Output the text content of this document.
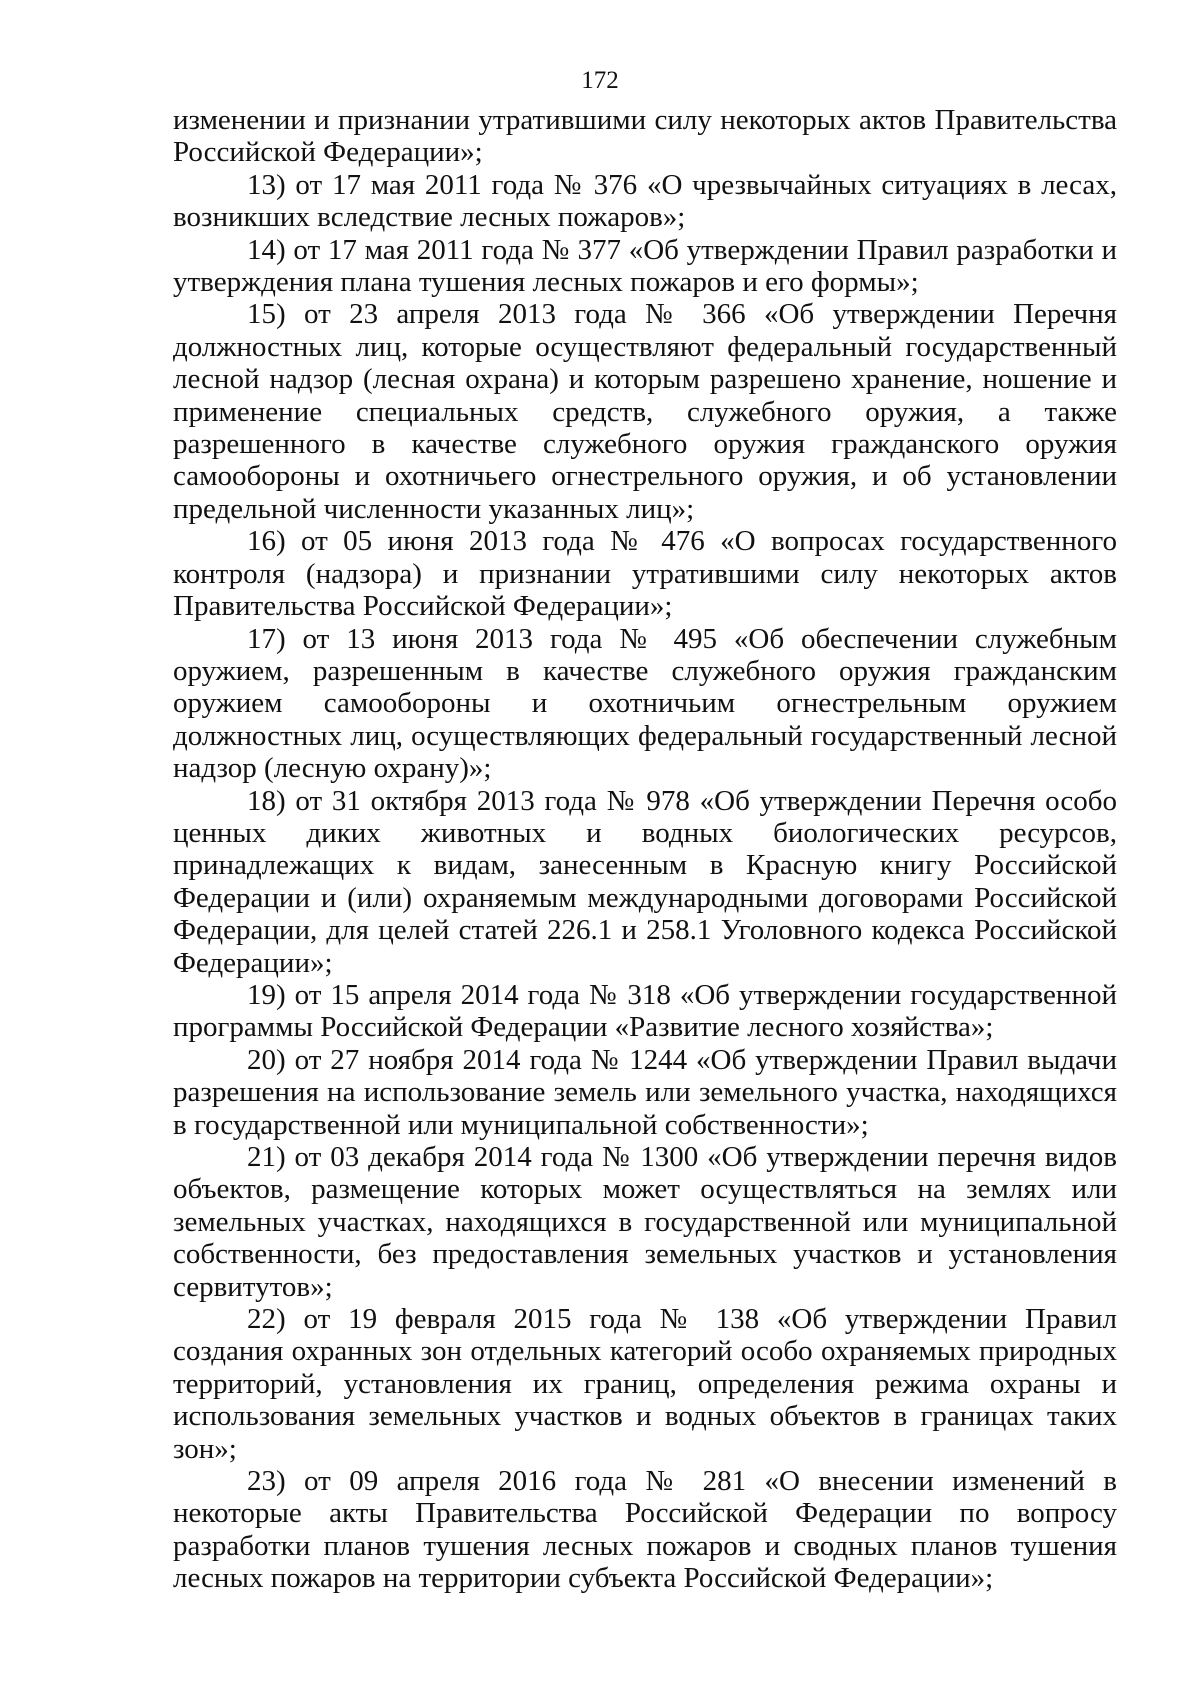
172

изменении и признании утратившими силу некоторых актов Правительства Российской Федерации»;

13) от 17 мая 2011 года № 376 «О чрезвычайных ситуациях в лесах, возникших вследствие лесных пожаров»;

14) от 17 мая 2011 года № 377 «Об утверждении Правил разработки и утверждения плана тушения лесных пожаров и его формы»;

15) от 23 апреля 2013 года № 366 «Об утверждении Перечня должностных лиц, которые осуществляют федеральный государственный лесной надзор (лесная охрана) и которым разрешено хранение, ношение и применение специальных средств, служебного оружия, а также разрешенного в качестве служебного оружия гражданского оружия самообороны и охотничьего огнестрельного оружия, и об установлении предельной численности указанных лиц»;

16) от 05 июня 2013 года № 476 «О вопросах государственного контроля (надзора) и признании утратившими силу некоторых актов Правительства Российской Федерации»;

17) от 13 июня 2013 года № 495 «Об обеспечении служебным оружием, разрешенным в качестве служебного оружия гражданским оружием самообороны и охотничьим огнестрельным оружием должностных лиц, осуществляющих федеральный государственный лесной надзор (лесную охрану)»;

18) от 31 октября 2013 года № 978 «Об утверждении Перечня особо ценных диких животных и водных биологических ресурсов, принадлежащих к видам, занесенным в Красную книгу Российской Федерации и (или) охраняемым международными договорами Российской Федерации, для целей статей 226.1 и 258.1 Уголовного кодекса Российской Федерации»;

19) от 15 апреля 2014 года № 318 «Об утверждении государственной программы Российской Федерации «Развитие лесного хозяйства»;

20) от 27 ноября 2014 года № 1244 «Об утверждении Правил выдачи разрешения на использование земель или земельного участка, находящихся в государственной или муниципальной собственности»;

21) от 03 декабря 2014 года № 1300 «Об утверждении перечня видов объектов, размещение которых может осуществляться на землях или земельных участках, находящихся в государственной или муниципальной собственности, без предоставления земельных участков и установления сервитутов»;

22) от 19 февраля 2015 года № 138 «Об утверждении Правил создания охранных зон отдельных категорий особо охраняемых природных территорий, установления их границ, определения режима охраны и использования земельных участков и водных объектов в границах таких зон»;

23) от 09 апреля 2016 года № 281 «О внесении изменений в некоторые акты Правительства Российской Федерации по вопросу разработки планов тушения лесных пожаров и сводных планов тушения лесных пожаров на территории субъекта Российской Федерации»;
